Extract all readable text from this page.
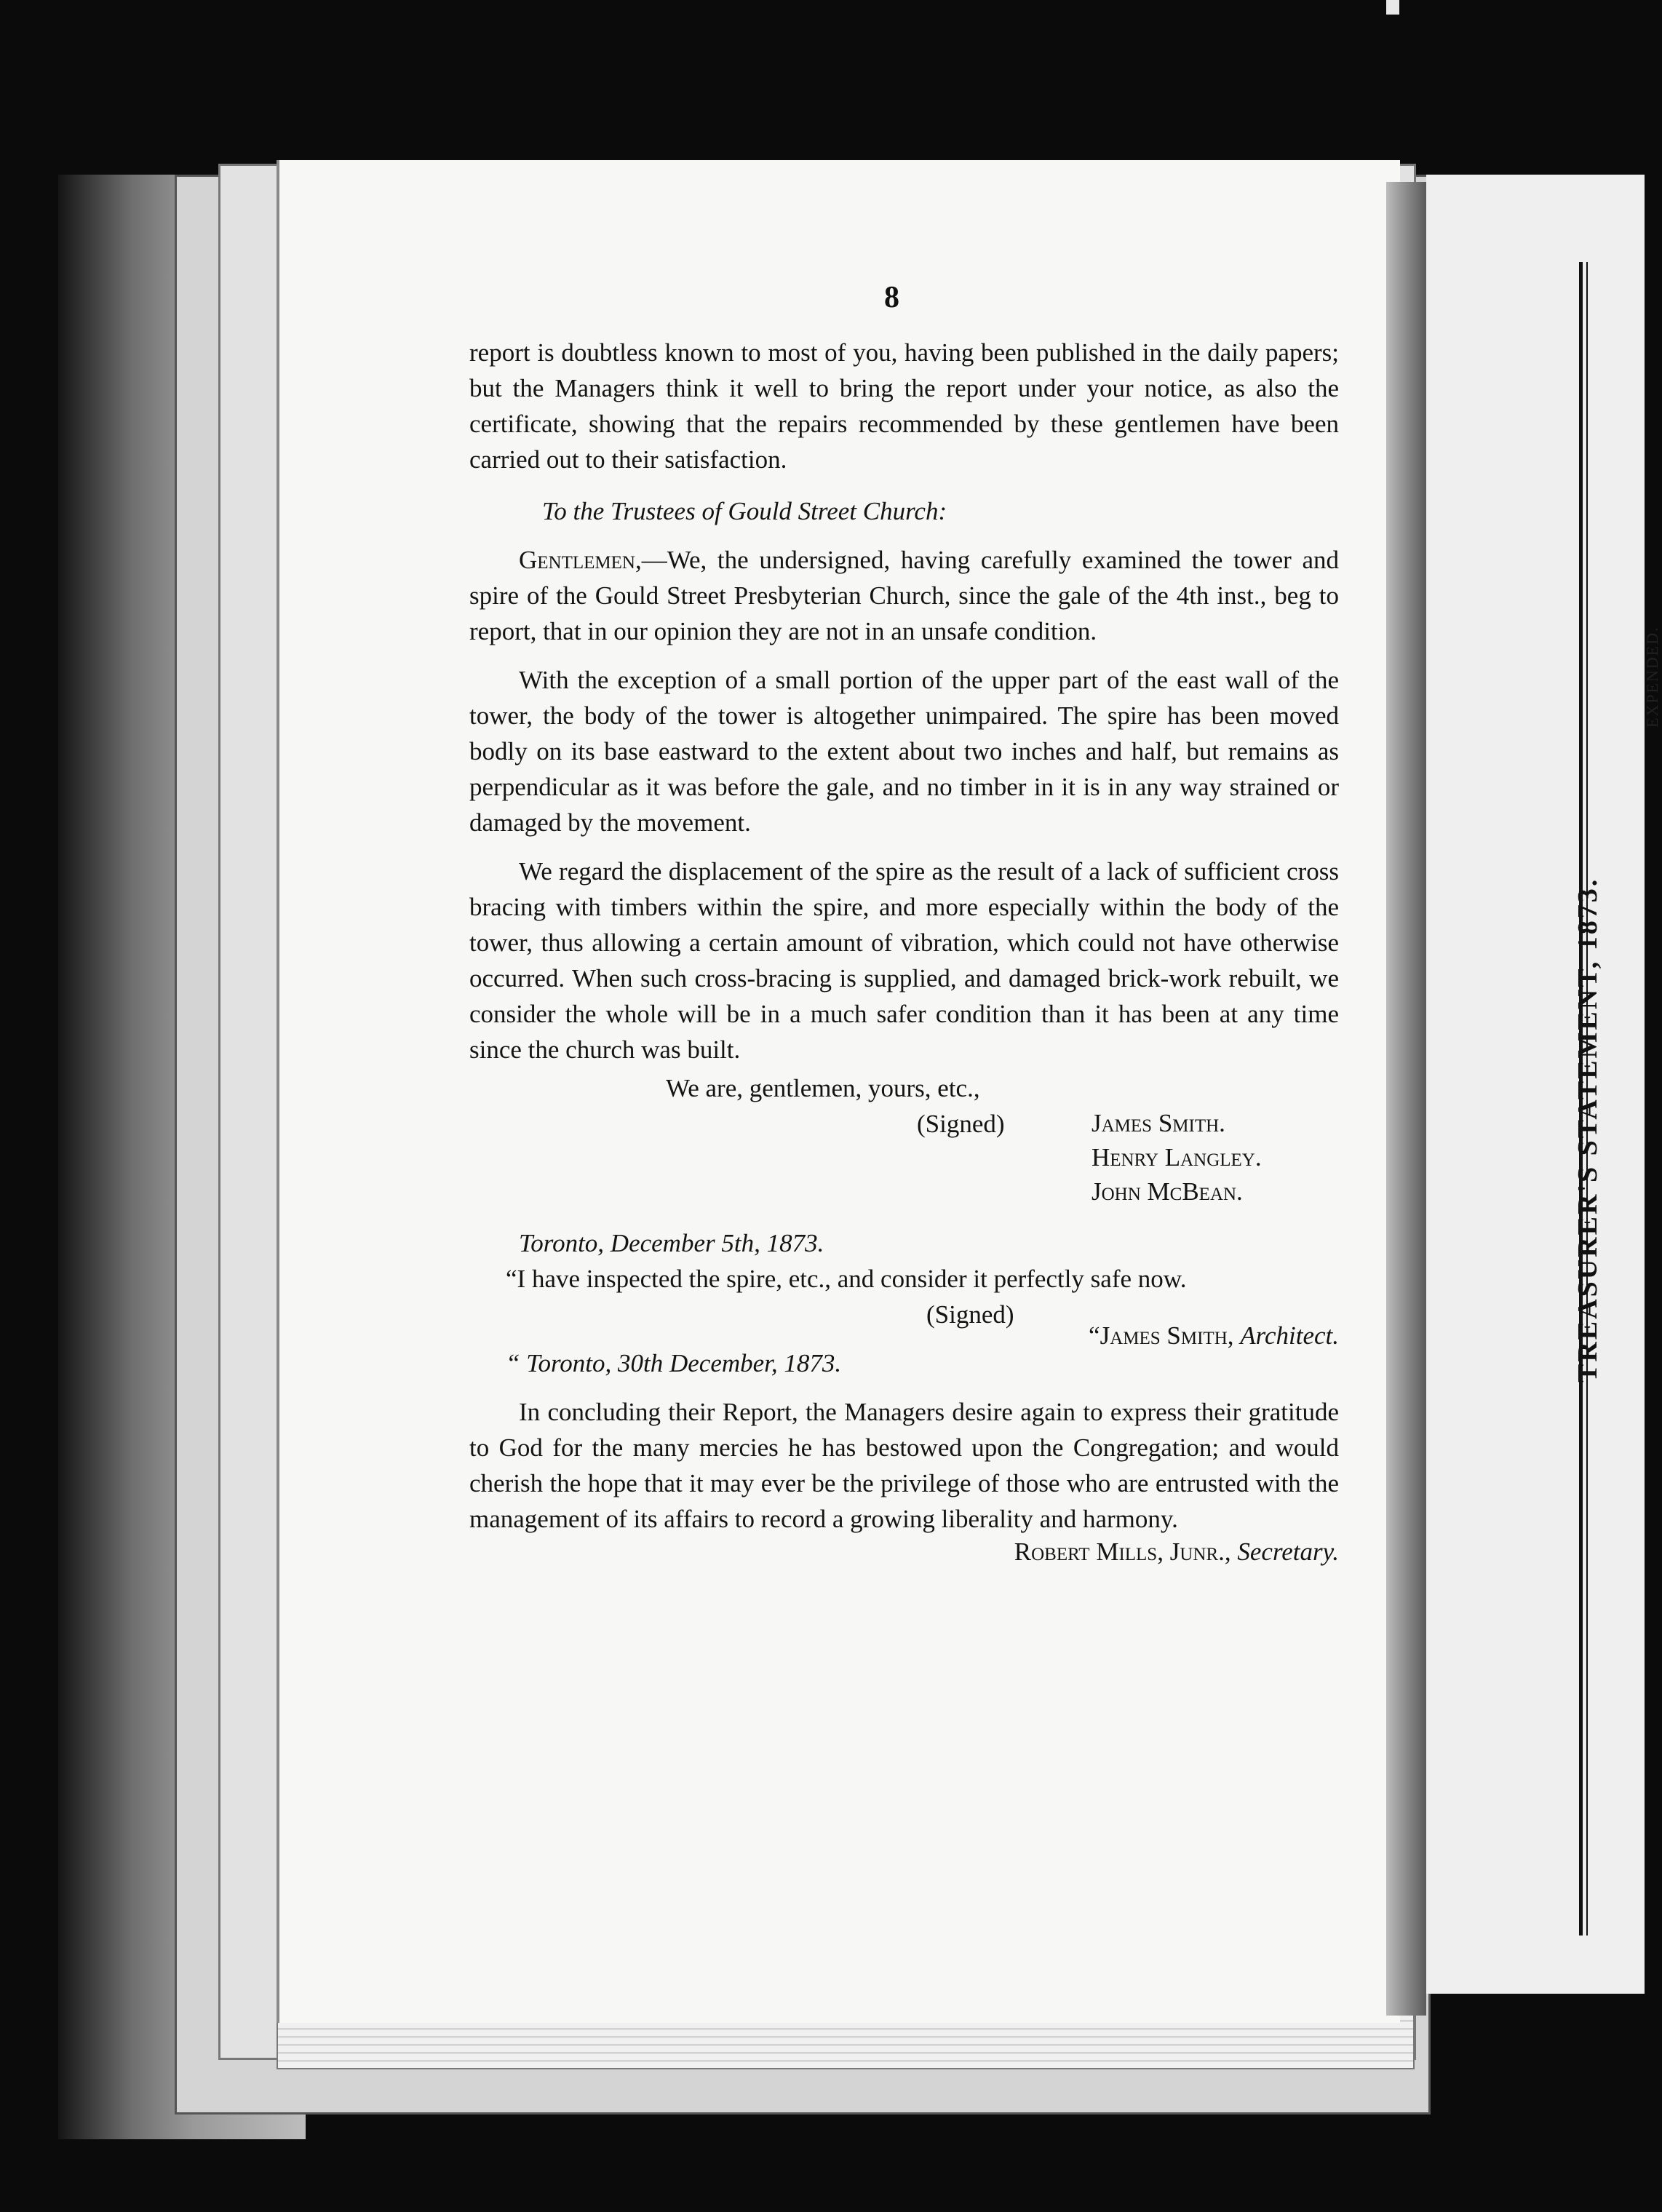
TREASURER'S STATEMENT, 1873.
EXPENDED.
8

report is doubtless known to most of you, having been published in the daily papers; but the Managers think it well to bring the report under your notice, as also the certificate, showing that the repairs recommended by these gentlemen have been carried out to their satisfaction.

To the Trustees of Gould Street Church:

Gentlemen,—We, the undersigned, having carefully examined the tower and spire of the Gould Street Presbyterian Church, since the gale of the 4th inst., beg to report, that in our opinion they are not in an unsafe condition.

With the exception of a small portion of the upper part of the east wall of the tower, the body of the tower is altogether unimpaired. The spire has been moved bodly on its base eastward to the extent about two inches and half, but remains as perpendicular as it was before the gale, and no timber in it is in any way strained or damaged by the movement.

We regard the displacement of the spire as the result of a lack of sufficient cross bracing with timbers within the spire, and more especially within the body of the tower, thus allowing a certain amount of vibration, which could not have otherwise occurred. When such cross-bracing is supplied, and damaged brick-work rebuilt, we consider the whole will be in a much safer condition than it has been at any time since the church was built.

We are, gentlemen, yours, etc.,

(Signed)	James Smith.
Henry Langley.
John McBean.

Toronto, December 5th, 1873.

“I have inspected the spire, etc., and consider it perfectly safe now.
(Signed)
“James Smith, Architect.

“ Toronto, 30th December, 1873.

In concluding their Report, the Managers desire again to express their gratitude to God for the many mercies he has bestowed upon the Congregation; and would cherish the hope that it may ever be the privilege of those who are entrusted with the management of its affairs to record a growing liberality and harmony.

Robert Mills, Junr., Secretary.
